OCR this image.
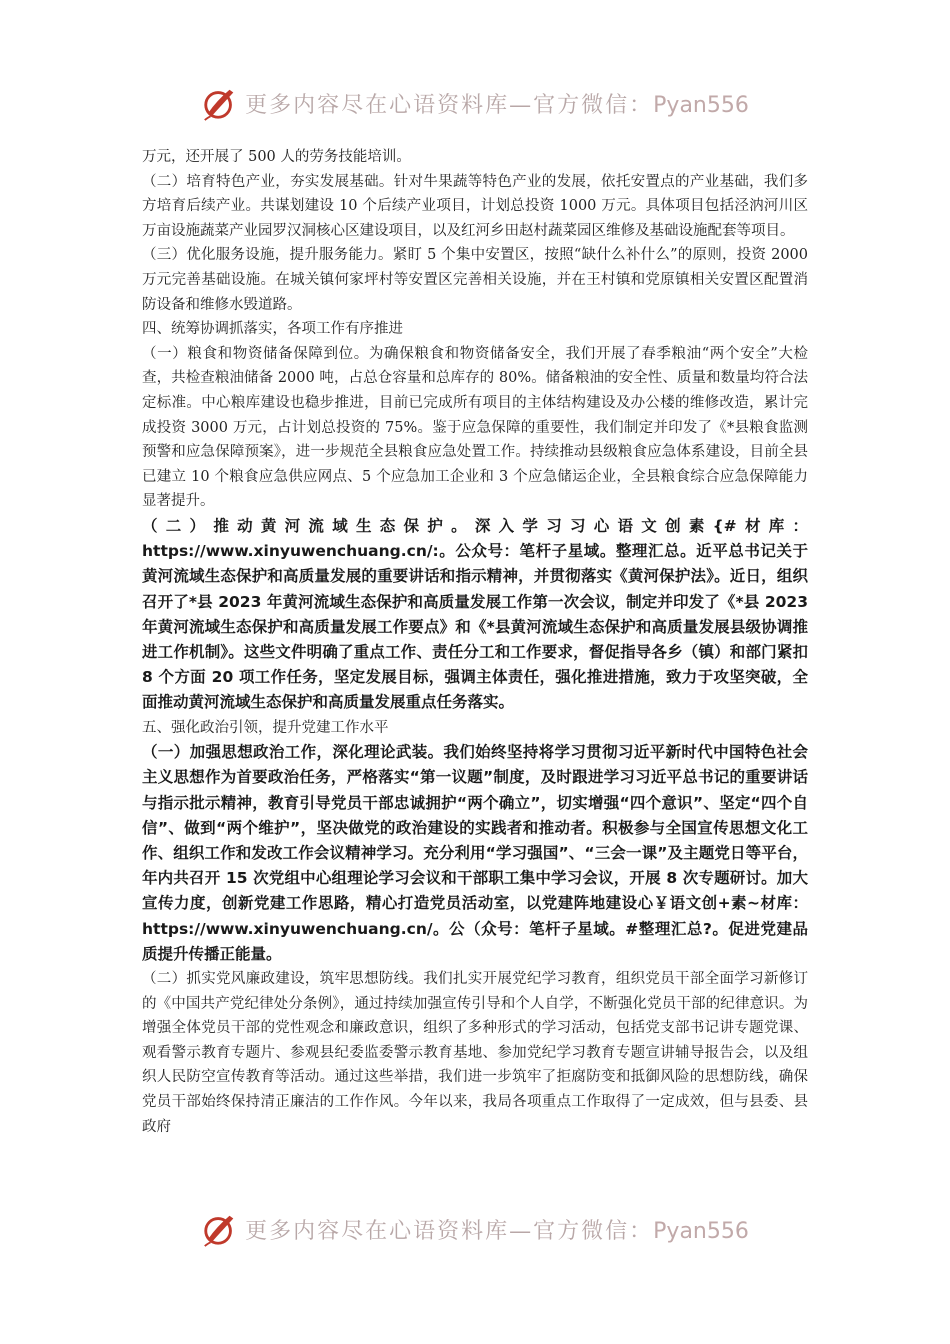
更多内容尽在心语资料库—官方微信：Pyan556

万元，还开展了 500 人的劳务技能培训。

（二）培育特色产业，夯实发展基础。针对牛果蔬等特色产业的发展，依托安置点的产业基础，我们多方培育后续产业。共谋划建设 10 个后续产业项目，计划总投资 1000 万元。具体项目包括泾汭河川区万亩设施蔬菜产业园罗汉洞核心区建设项目，以及红河乡田赵村蔬菜园区维修及基础设施配套等项目。

（三）优化服务设施，提升服务能力。紧盯 5 个集中安置区，按照“缺什么补什么”的原则，投资 2000 万元完善基础设施。在城关镇何家坪村等安置区完善相关设施，并在王村镇和党原镇相关安置区配置消防设备和维修水毁道路。

四、统筹协调抓落实，各项工作有序推进

（一）粮食和物资储备保障到位。为确保粮食和物资储备安全，我们开展了春季粮油“两个安全”大检查，共检查粮油储备 2000 吨，占总仓容量和总库存的 80%。储备粮油的安全性、质量和数量均符合法定标准。中心粮库建设也稳步推进，目前已完成所有项目的主体结构建设及办公楼的维修改造，累计完成投资 3000 万元，占计划总投资的 75%。鉴于应急保障的重要性，我们制定并印发了《*县粮食监测预警和应急保障预案》，进一步规范全县粮食应急处置工作。持续推动县级粮食应急体系建设，目前全县已建立 10 个粮食应急供应网点、5 个应急加工企业和 3 个应急储运企业，全县粮食综合应急保障能力显著提升。

（二）推动黄河流域生态保护。深入学习习心语文创素{#材库：https://www.xinyuwenchuang.cn/:。公众号：笔杆子星域。整理汇总。近平总书记关于黄河流域生态保护和高质量发展的重要讲话和指示精神，并贯彻落实《黄河保护法》。近日，组织召开了*县 2023 年黄河流域生态保护和高质量发展工作第一次会议，制定并印发了《*县 2023 年黄河流域生态保护和高质量发展工作要点》和《*县黄河流域生态保护和高质量发展县级协调推进工作机制》。这些文件明确了重点工作、责任分工和工作要求，督促指导各乡（镇）和部门紧扣 8 个方面 20 项工作任务，坚定发展目标，强调主体责任，强化推进措施，致力于攻坚突破，全面推动黄河流域生态保护和高质量发展重点任务落实。

五、强化政治引领，提升党建工作水平

（一）加强思想政治工作，深化理论武装。我们始终坚持将学习贯彻习近平新时代中国特色社会主义思想作为首要政治任务，严格落实“第一议题”制度，及时跟进学习习近平总书记的重要讲话与指示批示精神，教育引导党员干部忠诚拥护“两个确立”，切实增强“四个意识”、坚定“四个自信”、做到“两个维护”，坚决做党的政治建设的实践者和推动者。积极参与全国宣传思想文化工作、组织工作和发改工作会议精神学习。充分利用“学习强国”、“三会一课”及主题党日等平台，年内共召开 15 次党组中心组理论学习会议和干部职工集中学习会议，开展 8 次专题研讨。加大宣传力度，创新党建工作思路，精心打造党员活动室，以党建阵地建设心￥语文创+素~材库：https://www.xinyuwenchuang.cn/。公（众号：笔杆子星域。#整理汇总?。促进党建品质提升传播正能量。

（二）抓实党风廉政建设，筑牢思想防线。我们扎实开展党纪学习教育，组织党员干部全面学习新修订的《中国共产党纪律处分条例》，通过持续加强宣传引导和个人自学，不断强化党员干部的纪律意识。为增强全体党员干部的党性观念和廉政意识，组织了多种形式的学习活动，包括党支部书记讲专题党课、观看警示教育专题片、参观县纪委监委警示教育基地、参加党纪学习教育专题宣讲辅导报告会，以及组织人民防空宣传教育等活动。通过这些举措，我们进一步筑牢了拒腐防变和抵御风险的思想防线，确保党员干部始终保持清正廉洁的工作作风。今年以来，我局各项重点工作取得了一定成效，但与县委、县政府

更多内容尽在心语资料库—官方微信：Pyan556
